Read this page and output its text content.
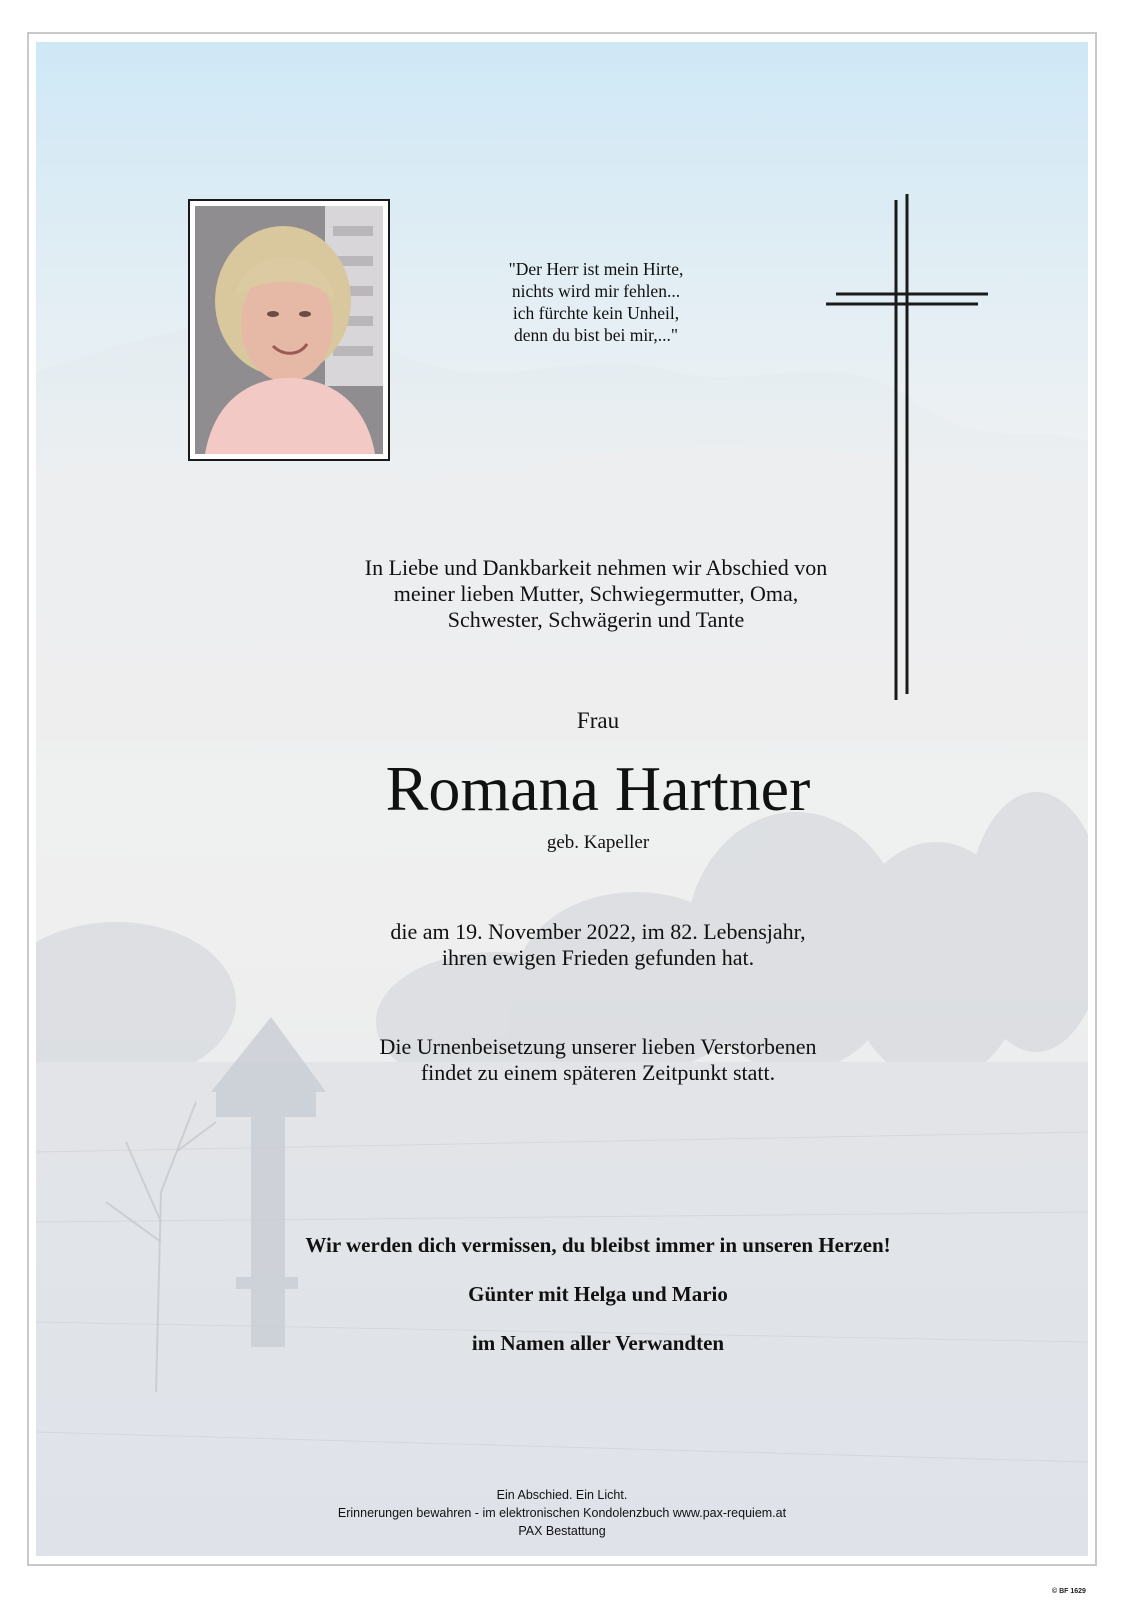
"Der Herr ist mein Hirte,
nichts wird mir fehlen...
ich fürchte kein Unheil,
denn du bist bei mir,..."
In Liebe und Dankbarkeit nehmen wir Abschied von
meiner lieben Mutter, Schwiegermutter, Oma,
Schwester, Schwägerin und Tante
Frau
Romana Hartner
geb. Kapeller
die am 19. November 2022, im 82. Lebensjahr,
ihren ewigen Frieden gefunden hat.
Die Urnenbeisetzung unserer lieben Verstorbenen
findet zu einem späteren Zeitpunkt statt.
Wir werden dich vermissen, du bleibst immer in unseren Herzen!
Günter mit Helga und Mario
im Namen aller Verwandten
Ein Abschied. Ein Licht.
Erinnerungen bewahren - im elektronischen Kondolenzbuch www.pax-requiem.at
PAX Bestattung
© BF 1629
